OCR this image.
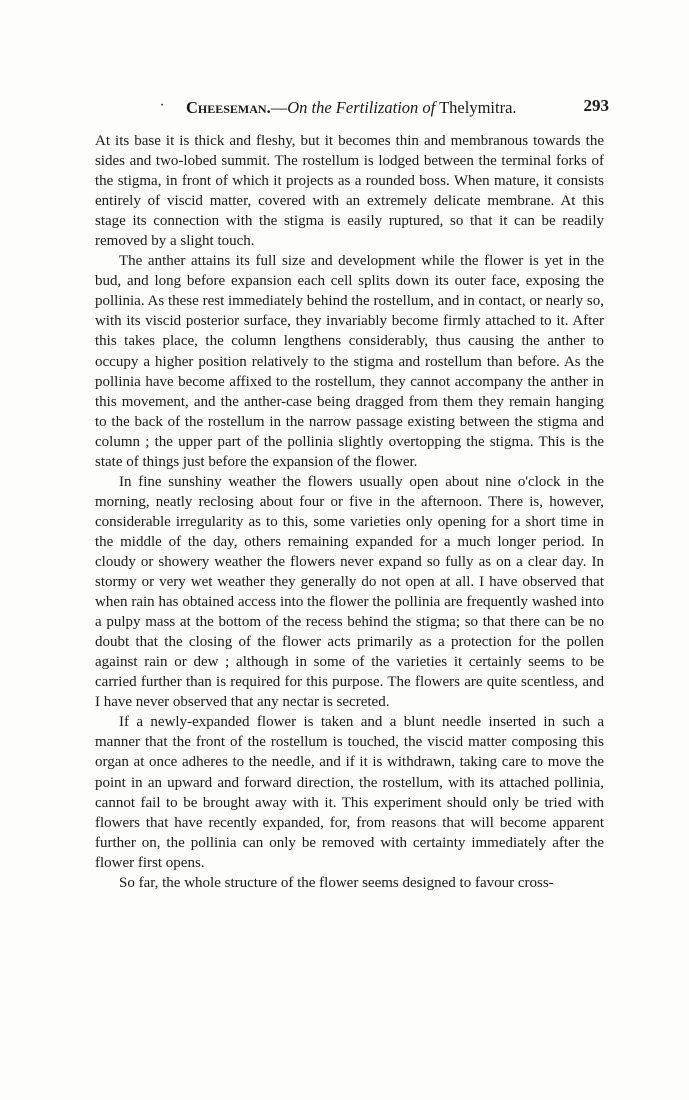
· Cheeseman.—On the Fertilization of Thelymitra.	293

At its base it is thick and fleshy, but it becomes thin and membranous towards the sides and two-lobed summit. The rostellum is lodged between the terminal forks of the stigma, in front of which it projects as a rounded boss. When mature, it consists entirely of viscid matter, covered with an extremely delicate membrane. At this stage its connection with the stigma is easily ruptured, so that it can be readily removed by a slight touch.

The anther attains its full size and development while the flower is yet in the bud, and long before expansion each cell splits down its outer face, exposing the pollinia. As these rest immediately behind the rostellum, and in contact, or nearly so, with its viscid posterior surface, they invariably become firmly attached to it. After this takes place, the column lengthens considerably, thus causing the anther to occupy a higher position relatively to the stigma and rostellum than before. As the pollinia have become affixed to the rostellum, they cannot accompany the anther in this movement, and the anther-case being dragged from them they remain hanging to the back of the rostellum in the narrow passage existing between the stigma and column ; the upper part of the pollinia slightly overtopping the stigma. This is the state of things just before the expansion of the flower.

In fine sunshiny weather the flowers usually open about nine o'clock in the morning, neatly reclosing about four or five in the afternoon. There is, however, considerable irregularity as to this, some varieties only opening for a short time in the middle of the day, others remaining expanded for a much longer period. In cloudy or showery weather the flowers never expand so fully as on a clear day. In stormy or very wet weather they generally do not open at all. I have observed that when rain has obtained access into the flower the pollinia are frequently washed into a pulpy mass at the bottom of the recess behind the stigma; so that there can be no doubt that the closing of the flower acts primarily as a protection for the pollen against rain or dew ; although in some of the varieties it certainly seems to be carried further than is required for this purpose. The flowers are quite scentless, and I have never observed that any nectar is secreted.

If a newly-expanded flower is taken and a blunt needle inserted in such a manner that the front of the rostellum is touched, the viscid matter composing this organ at once adheres to the needle, and if it is withdrawn, taking care to move the point in an upward and forward direction, the rostellum, with its attached pollinia, cannot fail to be brought away with it. This experiment should only be tried with flowers that have recently expanded, for, from reasons that will become apparent further on, the pollinia can only be removed with certainty immediately after the flower first opens.

So far, the whole structure of the flower seems designed to favour cross-
